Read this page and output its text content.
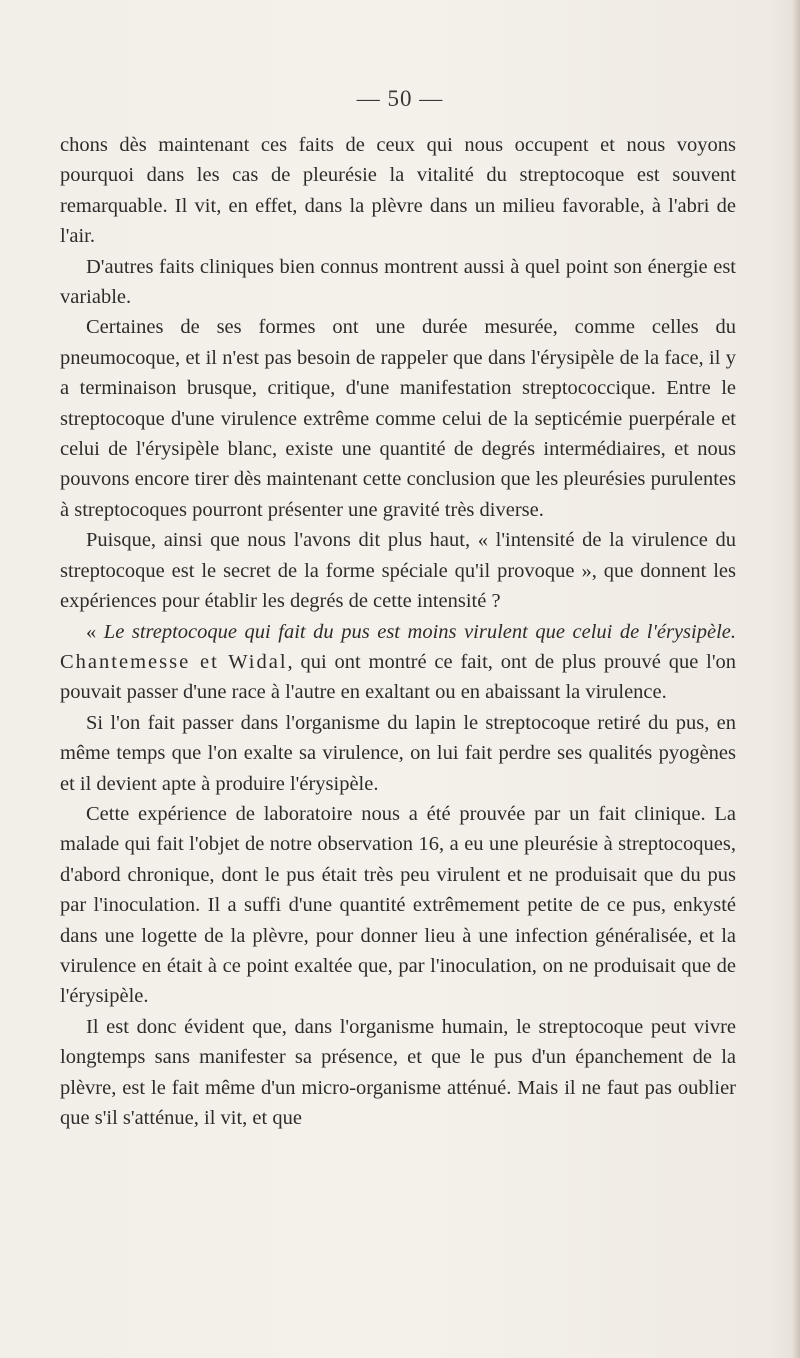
— 50 —

chons dès maintenant ces faits de ceux qui nous occupent et nous voyons pourquoi dans les cas de pleurésie la vitalité du streptocoque est souvent remarquable. Il vit, en effet, dans la plèvre dans un milieu favorable, à l'abri de l'air.

D'autres faits cliniques bien connus montrent aussi à quel point son énergie est variable.

Certaines de ses formes ont une durée mesurée, comme celles du pneumocoque, et il n'est pas besoin de rappeler que dans l'érysipèle de la face, il y a terminaison brusque, critique, d'une manifestation streptococcique. Entre le streptocoque d'une virulence extrême comme celui de la septicémie puerpérale et celui de l'érysipèle blanc, existe une quantité de degrés intermédiaires, et nous pouvons encore tirer dès maintenant cette conclusion que les pleurésies purulentes à streptocoques pourront présenter une gravité très diverse.

Puisque, ainsi que nous l'avons dit plus haut, « l'intensité de la virulence du streptocoque est le secret de la forme spéciale qu'il provoque », que donnent les expériences pour établir les degrés de cette intensité ?

« Le streptocoque qui fait du pus est moins virulent que celui de l'érysipèle. Chantemesse et Widal, qui ont montré ce fait, ont de plus prouvé que l'on pouvait passer d'une race à l'autre en exaltant ou en abaissant la virulence.

Si l'on fait passer dans l'organisme du lapin le streptocoque retiré du pus, en même temps que l'on exalte sa virulence, on lui fait perdre ses qualités pyogènes et il devient apte à produire l'érysipèle.

Cette expérience de laboratoire nous a été prouvée par un fait clinique. La malade qui fait l'objet de notre observation 16, a eu une pleurésie à streptocoques, d'abord chronique, dont le pus était très peu virulent et ne produisait que du pus par l'inoculation. Il a suffi d'une quantité extrêmement petite de ce pus, enkysté dans une logette de la plèvre, pour donner lieu à une infection généralisée, et la virulence en était à ce point exaltée que, par l'inoculation, on ne produisait que de l'érysipèle.

Il est donc évident que, dans l'organisme humain, le streptocoque peut vivre longtemps sans manifester sa présence, et que le pus d'un épanchement de la plèvre, est le fait même d'un micro-organisme atténué. Mais il ne faut pas oublier que s'il s'atténue, il vit, et que
